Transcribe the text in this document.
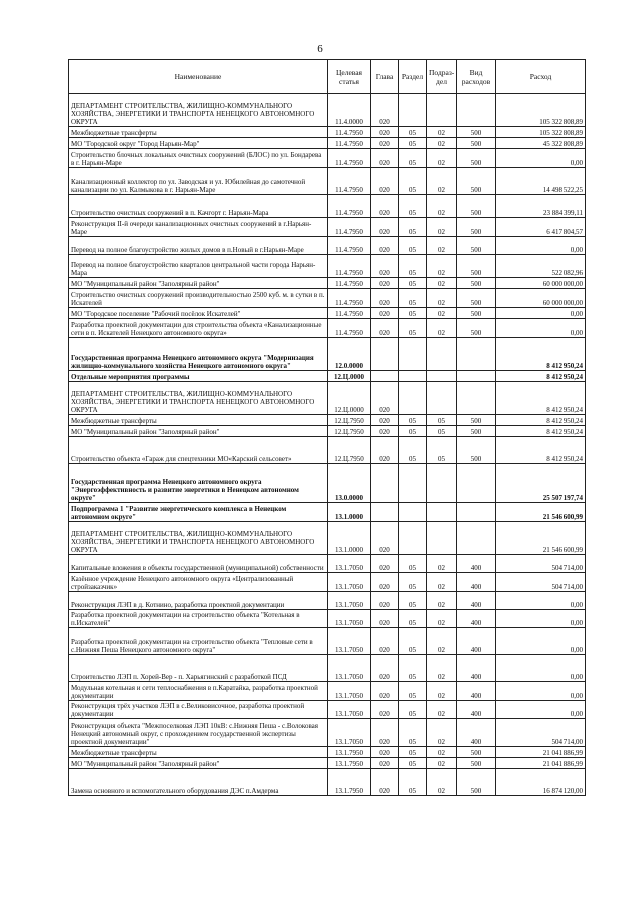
6
Наименование	Целевая статья	Глава	Раздел	Подраз-дел	Вид расходов	Расход
ДЕПАРТАМЕНТ СТРОИТЕЛЬСТВА, ЖИЛИЩНО-КОММУНАЛЬНОГО ХОЗЯЙСТВА, ЭНЕРГЕТИКИ И ТРАНСПОРТА НЕНЕЦКОГО АВТОНОМНОГО ОКРУГА	11.4.0000	020				105 322 808,89
Межбюджетные трансферты	11.4.7950	020	05	02	500	105 322 808,89
МО "Городской округ "Город Нарьян-Мар"	11.4.7950	020	05	02	500	45 322 808,89
Строительство блочных локальных очистных сооружений (БЛОС) по ул. Бондарева в г. Нарьян-Маре	11.4.7950	020	05	02	500	0,00
Канализационный коллектор по ул. Заводская и ул. Юбилейная до самотечной канализации по ул. Калмыкова в г. Нарьян-Маре	11.4.7950	020	05	02	500	14 498 522,25
Строительство очистных сооружений в п. Качгорт г. Нарьян-Мара	11.4.7950	020	05	02	500	23 884 399,11
Реконструкция II-й очереди канализационных очистных сооружений в г.Нарьян-Маре	11.4.7950	020	05	02	500	6 417 804,57
Перевод на полное благоустройство жилых домов в п.Новый в г.Нарьян-Маре	11.4.7950	020	05	02	500	0,00
Перевод на полное благоустройство кварталов центральной части города Нарьян-Мара	11.4.7950	020	05	02	500	522 082,96
МО "Муниципальный район "Заполярный район"	11.4.7950	020	05	02	500	60 000 000,00
Строительство очистных сооружений производительностью 2500 куб. м. в сутки в п. Искателей	11.4.7950	020	05	02	500	60 000 000,00
МО "Городское поселение "Рабочий посёлок Искателей"	11.4.7950	020	05	02	500	0,00
Разработка проектной документации для строительства объекта «Канализационные сети в п. Искателей Ненецкого автономного округа»	11.4.7950	020	05	02	500	0,00
Государственная программа Ненецкого автономного округа "Модернизация жилищно-коммунального хозяйства Ненецкого автономного округа"	12.0.0000					8 412 950,24
Отдельные мероприятия программы	12.Ц.0000					8 412 950,24
ДЕПАРТАМЕНТ СТРОИТЕЛЬСТВА, ЖИЛИЩНО-КОММУНАЛЬНОГО ХОЗЯЙСТВА, ЭНЕРГЕТИКИ И ТРАНСПОРТА НЕНЕЦКОГО АВТОНОМНОГО ОКРУГА	12.Ц.0000	020				8 412 950,24
Межбюджетные трансферты	12.Ц.7950	020	05	05	500	8 412 950,24
МО "Муниципальный район "Заполярный район"	12.Ц.7950	020	05	05	500	8 412 950,24
Строительство объекта «Гараж для спецтехники МО«Карский сельсовет»	12.Ц.7950	020	05	05	500	8 412 950,24
Государственная программа Ненецкого автономного округа "Энергоэффективность и развитие энергетики в Ненецком автономном округе"	13.0.0000					25 507 197,74
Подпрограмма 1 "Развитие энергетического комплекса в Ненецком автономном округе"	13.1.0000					21 546 600,99
ДЕПАРТАМЕНТ СТРОИТЕЛЬСТВА, ЖИЛИЩНО-КОММУНАЛЬНОГО ХОЗЯЙСТВА, ЭНЕРГЕТИКИ И ТРАНСПОРТА НЕНЕЦКОГО АВТОНОМНОГО ОКРУГА	13.1.0000	020				21 546 600,99
Капитальные вложения в объекты государственной (муниципальной) собственности	13.1.7050	020	05	02	400	504 714,00
Казённое учреждение Ненецкого автономного округа «Централизованный стройзаказчик»	13.1.7050	020	05	02	400	504 714,00
Реконструкция ЛЭП в д. Котнино, разработка проектной документации	13.1.7050	020	05	02	400	0,00
Разработка проектной документации на строительство объекта "Котельная в п.Искателей"	13.1.7050	020	05	02	400	0,00
Разработка проектной документации на строительство объекта "Тепловые сети в с.Нижняя Пеша Ненецкого автономного округа"	13.1.7050	020	05	02	400	0,00
Строительство ЛЭП п. Хорей-Вер - п. Харьягинский с разработкой ПСД	13.1.7050	020	05	02	400	0,00
Модульная котельная и сети теплоснабжения в п.Каратайка, разработка проектной документации	13.1.7050	020	05	02	400	0,00
Реконструкция трёх участков ЛЭП в с.Великовисочное, разработка проектной документации	13.1.7050	020	05	02	400	0,00
Реконструкция объекта "Межпоселковая ЛЭП 10кВ: с.Нижняя Пеша - с.Волоковая Ненецкий автономный округ, с прохождением государственной экспертизы проектной документации"	13.1.7050	020	05	02	400	504 714,00
Межбюджетные трансферты	13.1.7950	020	05	02	500	21 041 886,99
МО "Муниципальный район "Заполярный район"	13.1.7950	020	05	02	500	21 041 886,99
Замена основного и вспомогательного оборудования ДЭС п.Амдерма	13.1.7950	020	05	02	500	16 874 120,00
